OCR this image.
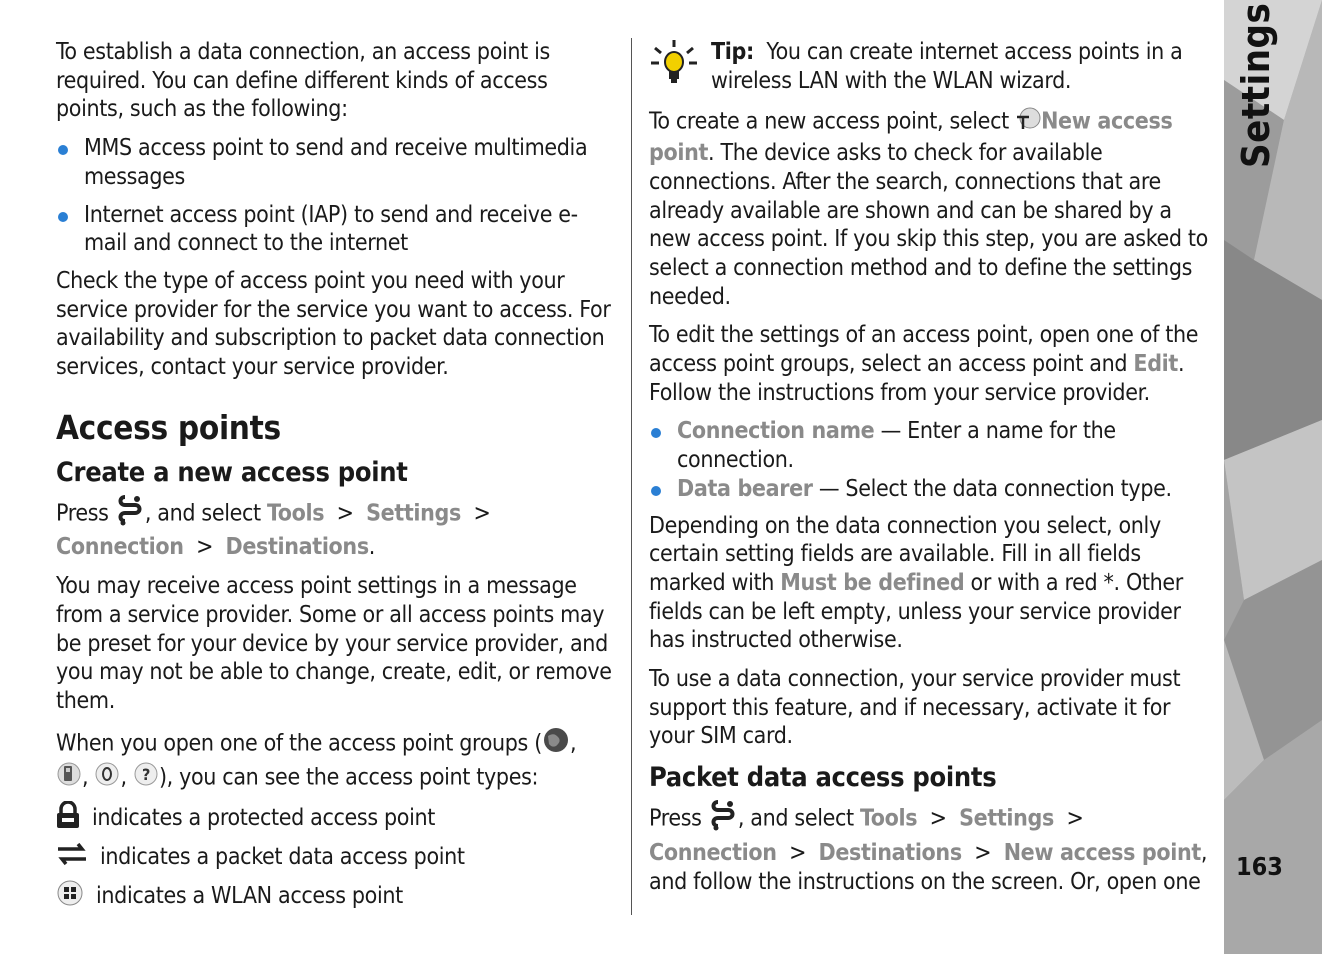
Settings
163

To establish a data connection, an access point is required. You can define different kinds of access points, such as the following:

MMS access point to send and receive multimedia messages
Internet access point (IAP) to send and receive e-mail and connect to the internet

Check the type of access point you need with your service provider for the service you want to access. For availability and subscription to packet data connection services, contact your service provider.

Access points
Create a new access point

Press , and select Tools > Settings >
Connection > Destinations.

You may receive access point settings in a message from a service provider. Some or all access points may be preset for your device by your service provider, and you may not be able to change, create, edit, or remove them.

When you open one of the access point groups ( ,
, , ? ), you can see the access point types:

indicates a protected access point
indicates a packet data access point
indicates a WLAN access point

Tip: You can create internet access points in a wireless LAN with the WLAN wizard.

To create a new access point, select New access point. The device asks to check for available connections. After the search, connections that are already available are shown and can be shared by a new access point. If you skip this step, you are asked to select a connection method and to define the settings needed.

To edit the settings of an access point, open one of the access point groups, select an access point and Edit. Follow the instructions from your service provider.

Connection name — Enter a name for the connection.
Data bearer — Select the data connection type.

Depending on the data connection you select, only certain setting fields are available. Fill in all fields marked with Must be defined or with a red *. Other fields can be left empty, unless your service provider has instructed otherwise.

To use a data connection, your service provider must support this feature, and if necessary, activate it for your SIM card.

Packet data access points

Press , and select Tools > Settings >
Connection > Destinations > New access point, and follow the instructions on the screen. Or, open one
